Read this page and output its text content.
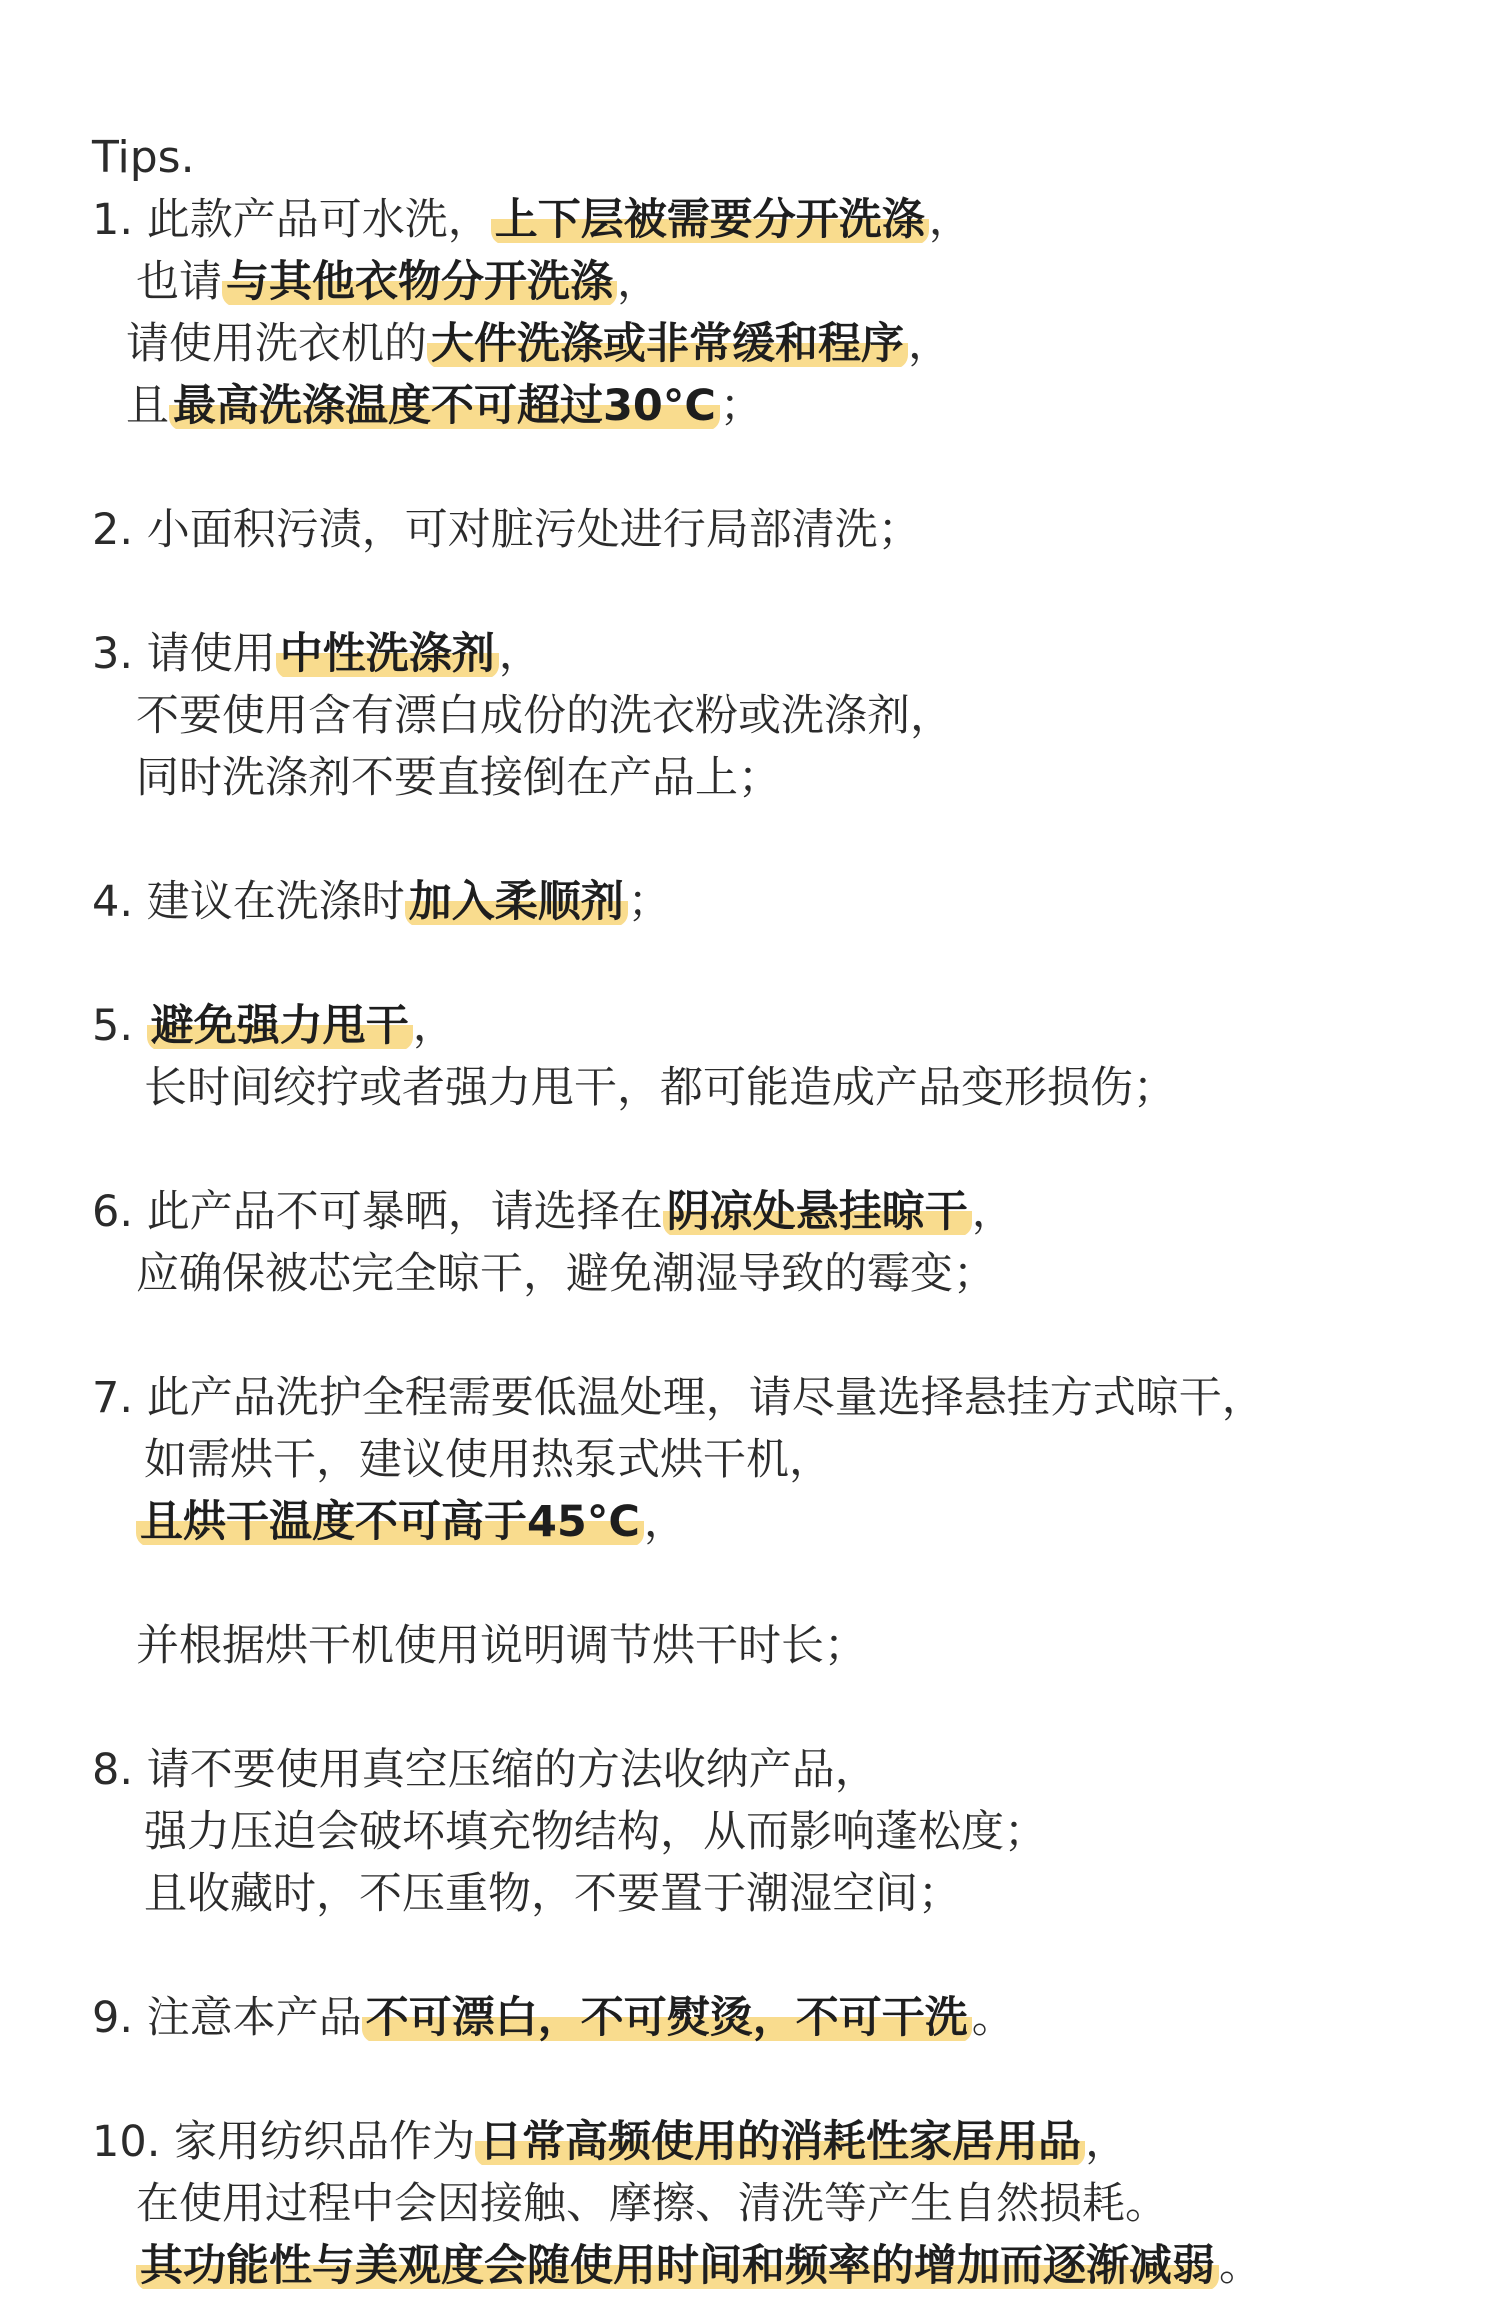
Tips.
1. 此款产品可水洗，上下层被需要分开洗涤，
也请与其他衣物分开洗涤，
请使用洗衣机的大件洗涤或非常缓和程序，
且最高洗涤温度不可超过30°C；
2. 小面积污渍，可对脏污处进行局部清洗；
3. 请使用中性洗涤剂，
不要使用含有漂白成份的洗衣粉或洗涤剂，
同时洗涤剂不要直接倒在产品上；
4. 建议在洗涤时加入柔顺剂；
5. 避免强力甩干，
长时间绞拧或者强力甩干，都可能造成产品变形损伤；
6. 此产品不可暴晒，请选择在阴凉处悬挂晾干，
应确保被芯完全晾干，避免潮湿导致的霉变；
7. 此产品洗护全程需要低温处理，请尽量选择悬挂方式晾干，
如需烘干，建议使用热泵式烘干机，
且烘干温度不可高于45°C，
并根据烘干机使用说明调节烘干时长；
8. 请不要使用真空压缩的方法收纳产品，
强力压迫会破坏填充物结构，从而影响蓬松度；
且收藏时，不压重物，不要置于潮湿空间；
9. 注意本产品不可漂白，不可熨烫，不可干洗。
10. 家用纺织品作为日常高频使用的消耗性家居用品，
在使用过程中会因接触、摩擦、清洗等产生自然损耗。
其功能性与美观度会随使用时间和频率的增加而逐渐减弱。
